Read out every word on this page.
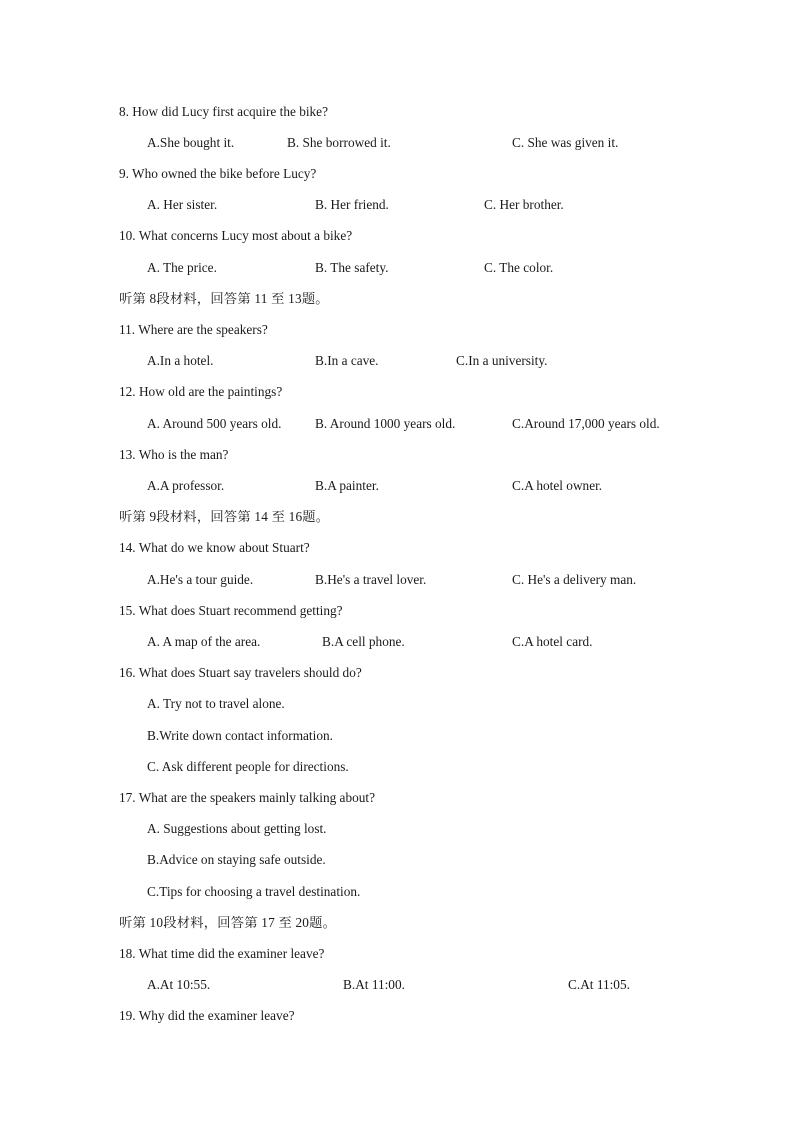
8. How did Lucy first acquire the bike?
A.She bought it.	B. She borrowed it.	C. She was given it.
9. Who owned the bike before Lucy?
A. Her sister.	B. Her friend.	C. Her brother.
10. What concerns Lucy most about a bike?
A. The price.	B. The safety.	C. The color.
听第 8段材料，回答第 11 至 13题。
11. Where are the speakers?
A.In a hotel.	B.In a cave.	C.In a university.
12. How old are the paintings?
A. Around 500 years old.	B. Around 1000 years old.	C.Around 17,000 years old.
13. Who is the man?
A.A professor.	B.A painter.	C.A hotel owner.
听第 9段材料，回答第 14 至 16题。
14. What do we know about Stuart?
A.He's a tour guide.	B.He's a travel lover.	C. He's a delivery man.
15. What does Stuart recommend getting?
A. A map of the area.	B.A cell phone.	C.A hotel card.
16. What does Stuart say travelers should do?
A. Try not to travel alone.
B.Write down contact information.
C. Ask different people for directions.
17. What are the speakers mainly talking about?
A. Suggestions about getting lost.
B.Advice on staying safe outside.
C.Tips for choosing a travel destination.
听第 10段材料，回答第 17 至 20题。
18. What time did the examiner leave?
A.At 10:55.	B.At 11:00.	C.At 11:05.
19. Why did the examiner leave?
